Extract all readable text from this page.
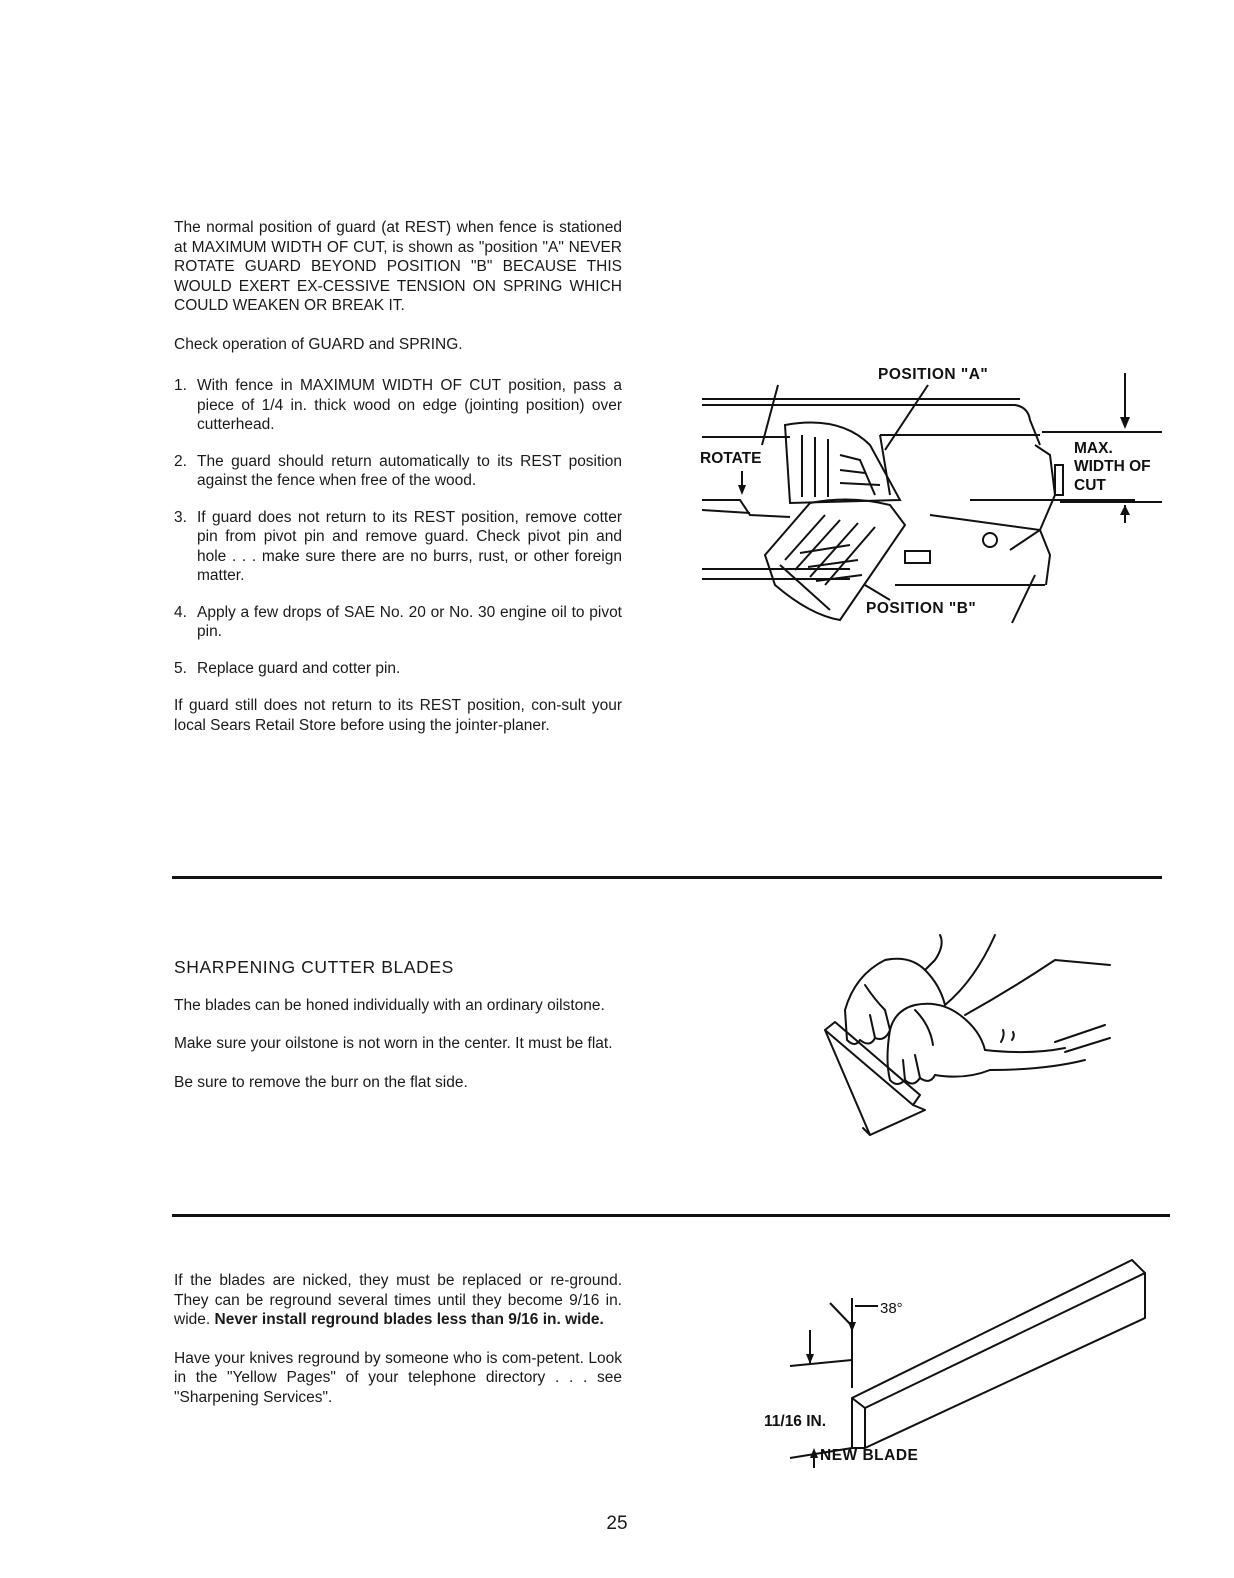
The normal position of guard (at REST) when fence is stationed at MAXIMUM WIDTH OF CUT, is shown as "position "A" NEVER ROTATE GUARD BEYOND POSITION "B" BECAUSE THIS WOULD EXERT EX-CESSIVE TENSION ON SPRING WHICH COULD WEAKEN OR BREAK IT.

Check operation of GUARD and SPRING.

1. With fence in MAXIMUM WIDTH OF CUT position, pass a piece of 1/4 in. thick wood on edge (jointing position) over cutterhead.
2. The guard should return automatically to its REST position against the fence when free of the wood.
3. If guard does not return to its REST position, remove cotter pin from pivot pin and remove guard. Check pivot pin and hole . . . make sure there are no burrs, rust, or other foreign matter.
4. Apply a few drops of SAE No. 20 or No. 30 engine oil to pivot pin.
5. Replace guard and cotter pin.

If guard still does not return to its REST position, con-sult your local Sears Retail Store before using the jointer-planer.

POSITION "A"
ROTATE
MAX.
WIDTH OF
CUT
POSITION "B"
SHARPENING CUTTER BLADES

The blades can be honed individually with an ordinary oilstone.

Make sure your oilstone is not worn in the center. It must be flat.

Be sure to remove the burr on the flat side.

If the blades are nicked, they must be replaced or re-ground. They can be reground several times until they become 9/16 in. wide. Never install reground blades less than 9/16 in. wide.

Have your knives reground by someone who is com-petent. Look in the "Yellow Pages" of your telephone directory . . . see "Sharpening Services".

38°
11/16 IN.
NEW BLADE
25
